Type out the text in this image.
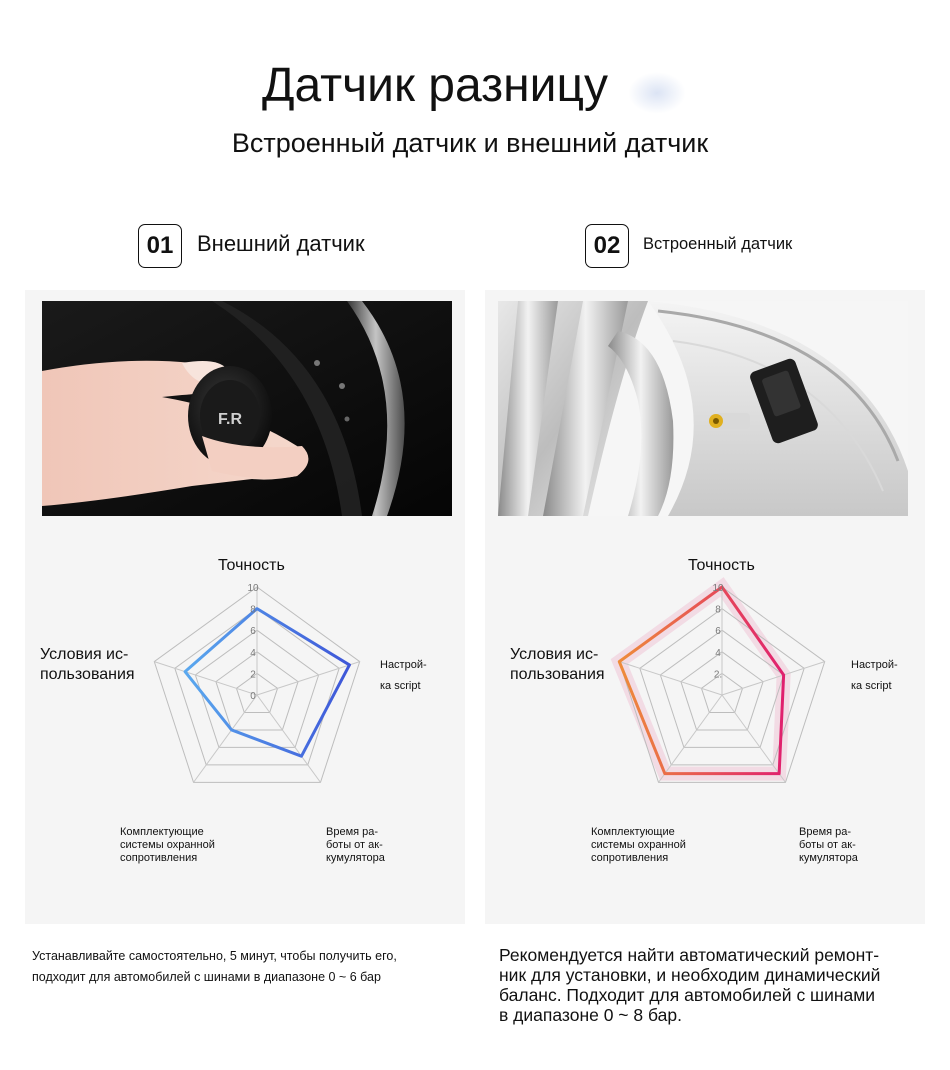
Датчик разницу
Встроенный датчик и внешний датчик
01	Внешний датчик	02	Встроенный датчик
F.R
10
8
6
4
2
0
Точность
Условия ис-
пользования
Настрой-
ка script
Комплектующие
системы охранной
сопротивления
Время ра-
боты от ак-
кумулятора
10
8
6
4
2.
Точность
Условия ис-
пользования
Настрой-
ка script
Комплектующие
системы охранной
сопротивления
Время ра-
боты от ак-
кумулятора
Устанавливайте самостоятельно, 5 минут, чтобы получить его, подходит для автомобилей с шинами в диапазоне 0 ~ 6 бар
Рекомендуется найти автоматический ремонт-
ник для установки, и необходим динамический
баланс. Подходит для автомобилей с шинами
в диапазоне 0 ~ 8 бар.
